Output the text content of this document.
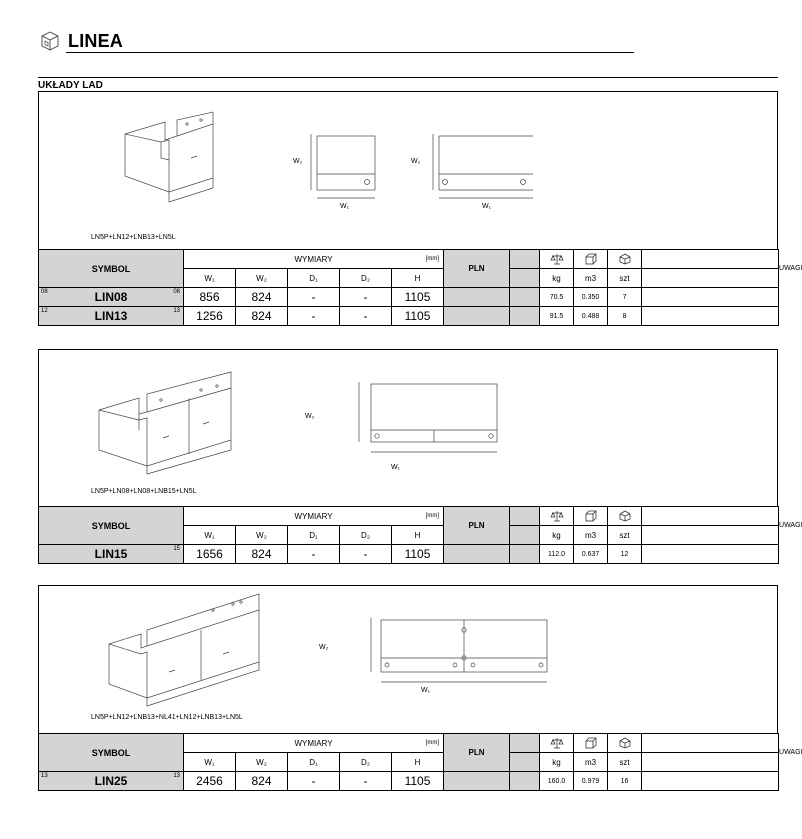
LINEA
UKŁADY LAD
W₂
W₁
W₂
W₁
LN5P+LN12+LNB13+LN5L
SYMBOL	WYMIARY [mm]					PLN						UWAGI
	W₁	W₂	D₁	D₂	H			kg	m3	szt		

08 LIN08 08	856	824	-	-	1105			70.5	0.350	7		

12 LIN13 13	1256	824	-	-	1105			91.5	0.488	8		
W₂
W₁
LN5P+LN08+LN08+LNB15+LN5L
SYMBOL	WYMIARY [mm]					PLN						UWAGI
	W₁	W₂	D₁	D₂	H			kg	m3	szt		

LIN15 15	1656	824	-	-	1105			112.0	0.637	12		
W₂
W₁
LN5P+LN12+LNB13+NL41+LN12+LNB13+LN5L
SYMBOL	WYMIARY [mm]					PLN						UWAGI
	W₁	W₂	D₁	D₂	H			kg	m3	szt		

13 LIN25 13	2456	824	-	-	1105			160.0	0.979	16		
